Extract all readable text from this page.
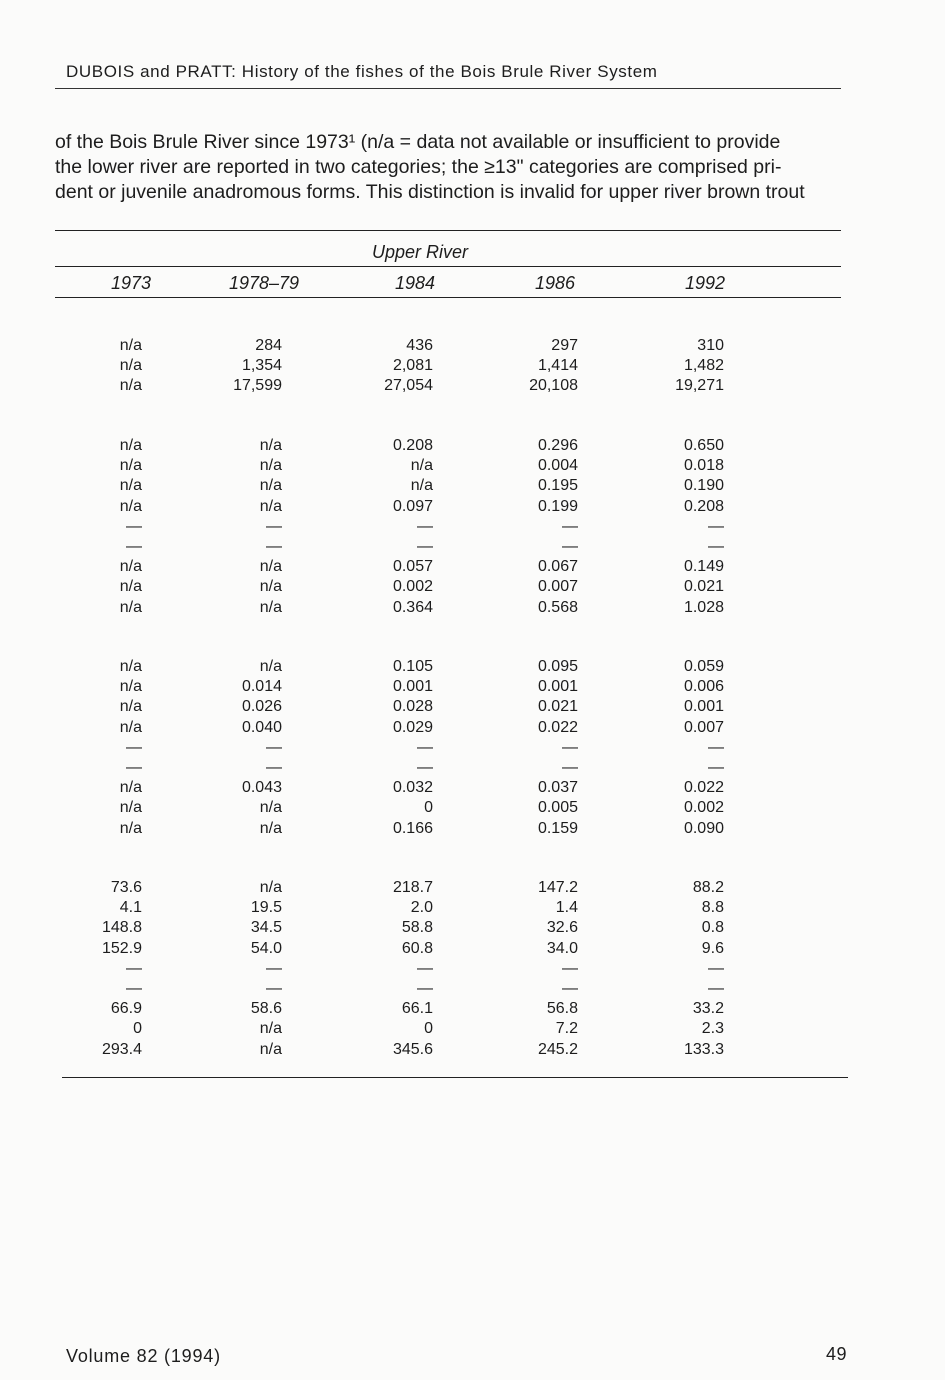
DUBOIS and PRATT: History of the fishes of the Bois Brule River System

of the Bois Brule River since 1973¹ (n/a = data not available or insufficient to provide

the lower river are reported in two categories; the ≥13" categories are comprised pri-

dent or juvenile anadromous forms. This distinction is invalid for upper river brown trout

Upper River
1973	1978–79	1984	1986	1992
n/a	284	436	297	310
n/a	1,354	2,081	1,414	1,482
n/a	17,599	27,054	20,108	19,271
n/a	n/a	0.208	0.296	0.650
n/a	n/a	n/a	0.004	0.018
n/a	n/a	n/a	0.195	0.190
n/a	n/a	0.097	0.199	0.208
—	—	—	—	—
—	—	—	—	—
n/a	n/a	0.057	0.067	0.149
n/a	n/a	0.002	0.007	0.021
n/a	n/a	0.364	0.568	1.028
n/a	n/a	0.105	0.095	0.059
n/a	0.014	0.001	0.001	0.006
n/a	0.026	0.028	0.021	0.001
n/a	0.040	0.029	0.022	0.007
—	—	—	—	—
—	—	—	—	—
n/a	0.043	0.032	0.037	0.022
n/a	n/a	0	0.005	0.002
n/a	n/a	0.166	0.159	0.090
73.6	n/a	218.7	147.2	88.2
4.1	19.5	2.0	1.4	8.8
148.8	34.5	58.8	32.6	0.8
152.9	54.0	60.8	34.0	9.6
—	—	—	—	—
—	—	—	—	—
66.9	58.6	66.1	56.8	33.2
0	n/a	0	7.2	2.3
293.4	n/a	345.6	245.2	133.3
Volume 82 (1994)	49
